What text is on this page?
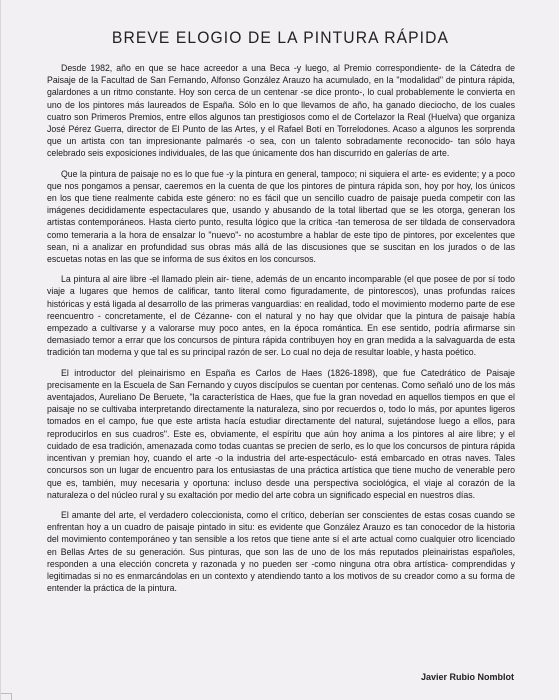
BREVE ELOGIO DE LA PINTURA RÁPIDA

Desde 1982, año en que se hace acreedor a una Beca -y luego, al Premio correspondiente- de la Cátedra de Paisaje de la Facultad de San Fernando, Alfonso González Arauzo ha acumulado, en la "modalidad" de pintura rápida, galardones a un ritmo constante. Hoy son cerca de un centenar -se dice pronto-, lo cual probablemente le convierta en uno de los pintores más laureados de España. Sólo en lo que llevamos de año, ha ganado dieciocho, de los cuales cuatro son Primeros Premios, entre ellos algunos tan prestigiosos como el de Cortelazor la Real (Huelva) que organiza José Pérez Guerra, director de El Punto de las Artes, y el Rafael Botí en Torrelodones. Acaso a algunos les sorprenda que un artista con tan impresionante palmarés -o sea, con un talento sobradamente reconocido- tan sólo haya celebrado seis exposiciones individuales, de las que únicamente dos han discurrido en galerías de arte.

Que la pintura de paisaje no es lo que fue -y la pintura en general, tampoco; ni siquiera el arte- es evidente; y a poco que nos pongamos a pensar, caeremos en la cuenta de que los pintores de pintura rápida son, hoy por hoy, los únicos en los que tiene realmente cabida este género: no es fácil que un sencillo cuadro de paisaje pueda competir con las imágenes decididamente espectaculares que, usando y abusando de la total libertad que se les otorga, generan los artistas contemporáneos. Hasta cierto punto, resulta lógico que la crítica -tan temerosa de ser tildada de conservadora como temeraria a la hora de ensalzar lo "nuevo"- no acostumbre a hablar de este tipo de pintores, por excelentes que sean, ni a analizar en profundidad sus obras más allá de las discusiones que se suscitan en los jurados o de las escuetas notas en las que se informa de sus éxitos en los concursos.

La pintura al aire libre -el llamado plein air- tiene, además de un encanto incomparable (el que posee de por sí todo viaje a lugares que hemos de calificar, tanto literal como figuradamente, de pintorescos), unas profundas raíces históricas y está ligada al desarrollo de las primeras vanguardias: en realidad, todo el movimiento moderno parte de ese reencuentro - concretamente, el de Cézanne- con el natural y no hay que olvidar que la pintura de paisaje había empezado a cultivarse y a valorarse muy poco antes, en la época romántica. En ese sentido, podría afirmarse sin demasiado temor a errar que los concursos de pintura rápida contribuyen hoy en gran medida a la salvaguarda de esta tradición tan moderna y que tal es su principal razón de ser. Lo cual no deja de resultar loable, y hasta poético.

El introductor del pleinairismo en España es Carlos de Haes (1826-1898), que fue Catedrático de Paisaje precisamente en la Escuela de San Fernando y cuyos discípulos se cuentan por centenas. Como señaló uno de los más aventajados, Aureliano De Beruete, "la característica de Haes, que fue la gran novedad en aquellos tiempos en que el paisaje no se cultivaba interpretando directamente la naturaleza, sino por recuerdos o, todo lo más, por apuntes ligeros tomados en el campo, fue que este artista hacía estudiar directamente del natural, sujetándose luego a ellos, para reproducirlos en sus cuadros". Este es, obviamente, el espíritu que aún hoy anima a los pintores al aire libre; y el cuidado de esa tradición, amenazada como todas cuantas se precien de serlo, es lo que los concursos de pintura rápida incentivan y premian hoy, cuando el arte -o la industria del arte-espectáculo- está embarcado en otras naves. Tales concursos son un lugar de encuentro para los entusiastas de una práctica artística que tiene mucho de venerable pero que es, también, muy necesaria y oportuna: incluso desde una perspectiva sociológica, el viaje al corazón de la naturaleza o del núcleo rural y su exaltación por medio del arte cobra un significado especial en nuestros días.

El amante del arte, el verdadero coleccionista, como el crítico, deberían ser conscientes de estas cosas cuando se enfrentan hoy a un cuadro de paisaje pintado in situ: es evidente que González Arauzo es tan conocedor de la historia del movimiento contemporáneo y tan sensible a los retos que tiene ante sí el arte actual como cualquier otro licenciado en Bellas Artes de su generación. Sus pinturas, que son las de uno de los más reputados pleinairistas españoles, responden a una elección concreta y razonada y no pueden ser -como ninguna otra obra artística- comprendidas y legitimadas si no es enmarcándolas en un contexto y atendiendo tanto a los motivos de su creador como a su forma de entender la práctica de la pintura.

Javier Rubio Nomblot
